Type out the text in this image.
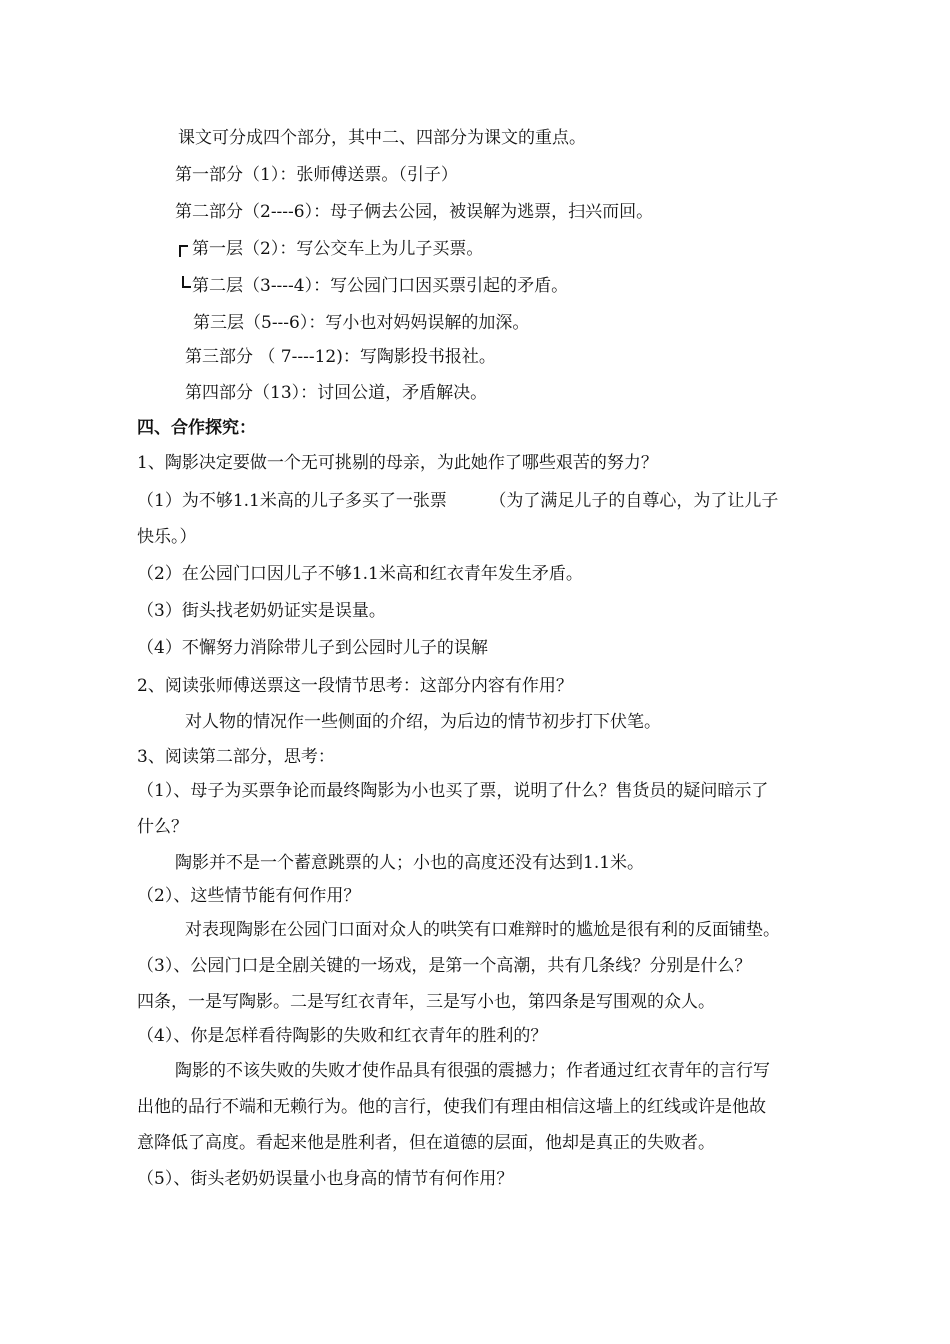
课文可分成四个部分，其中二、四部分为课文的重点。
第一部分（1）：张师傅送票。（引子）
第二部分（2----6）：母子俩去公园，被误解为逃票，扫兴而回。
第一层（2）：写公交车上为儿子买票。
第二层（3----4）：写公园门口因买票引起的矛盾。
第三层（5---6）：写小也对妈妈误解的加深。
第三部分 （ 7----12)：写陶影投书报社。
第四部分（13）：讨回公道，矛盾解决。
四、合作探究：
1、陶影决定要做一个无可挑剔的母亲，为此她作了哪些艰苦的努力？
（1）为不够1.1米高的儿子多买了一张票　　　（为了满足儿子的自尊心，为了让儿子
快乐。）
（2）在公园门口因儿子不够1.1米高和红衣青年发生矛盾。
（3）街头找老奶奶证实是误量。
（4）不懈努力消除带儿子到公园时儿子的误解
2、阅读张师傅送票这一段情节思考：这部分内容有作用？
对人物的情况作一些侧面的介绍，为后边的情节初步打下伏笔。
3、阅读第二部分，思考：
（1）、母子为买票争论而最终陶影为小也买了票，说明了什么？售货员的疑问暗示了
什么？
陶影并不是一个蓄意跳票的人；小也的高度还没有达到1.1米。
（2）、这些情节能有何作用？
对表现陶影在公园门口面对众人的哄笑有口难辩时的尴尬是很有利的反面铺垫。
（3）、公园门口是全剧关键的一场戏，是第一个高潮，共有几条线？分别是什么？
四条，一是写陶影。二是写红衣青年，三是写小也，第四条是写围观的众人。
（4）、你是怎样看待陶影的失败和红衣青年的胜利的？
陶影的不该失败的失败才使作品具有很强的震撼力；作者通过红衣青年的言行写
出他的品行不端和无赖行为。他的言行，使我们有理由相信这墙上的红线或许是他故
意降低了高度。看起来他是胜利者，但在道德的层面，他却是真正的失败者。
（5）、街头老奶奶误量小也身高的情节有何作用？
